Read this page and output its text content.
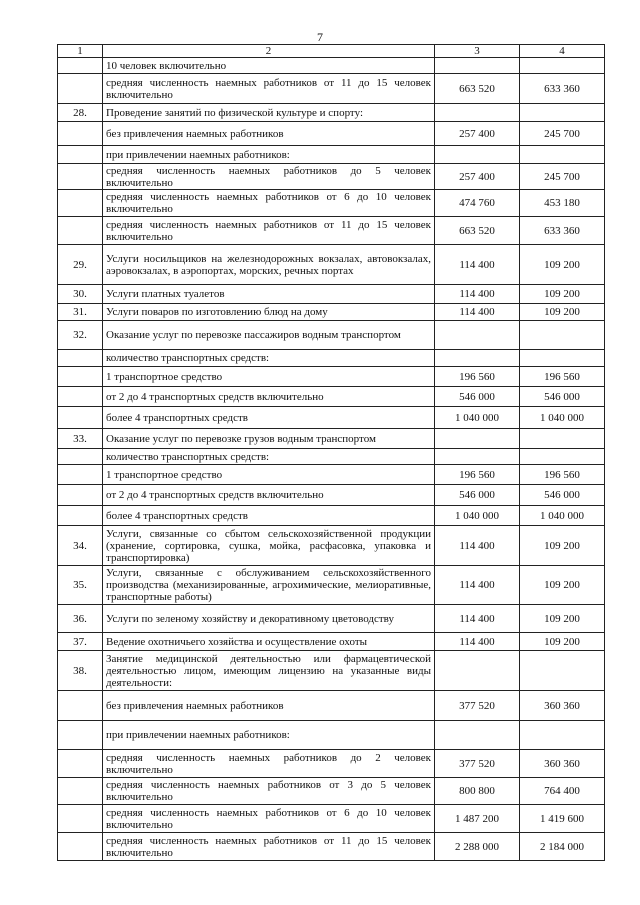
7
1	2	3	4
	10 человек включительно		
	средняя численность наемных работников от 11 до 15 человек включительно	663 520	633 360
28.	Проведение занятий по физической культуре и спорту:		
	без привлечения наемных работников	257 400	245 700
	при привлечении наемных работников:		
	средняя численность наемных работников до 5 человек включительно	257 400	245 700
	средняя численность наемных работников от 6 до 10 человек включительно	474 760	453 180
	средняя численность наемных работников от 11 до 15 человек включительно	663 520	633 360
29.	Услуги носильщиков на железнодорожных вокзалах, автовокзалах, аэровокзалах, в аэропортах, морских, речных портах	114 400	109 200
30.	Услуги платных туалетов	114 400	109 200
31.	Услуги поваров по изготовлению блюд на дому	114 400	109 200
32.	Оказание услуг по перевозке пассажиров водным транспортом		
	количество транспортных средств:		
	1 транспортное средство	196 560	196 560
	от 2 до 4 транспортных средств включительно	546 000	546 000
	более 4 транспортных средств	1 040 000	1 040 000
33.	Оказание услуг по перевозке грузов водным транспортом		
	количество транспортных средств:		
	1 транспортное средство	196 560	196 560
	от 2 до 4 транспортных средств включительно	546 000	546 000
	более 4 транспортных средств	1 040 000	1 040 000
34.	Услуги, связанные со сбытом сельскохозяйственной продукции (хранение, сортировка, сушка, мойка, расфасовка, упаковка и транспортировка)	114 400	109 200
35.	Услуги, связанные с обслуживанием сельскохозяйственного производства (механизированные, агрохимические, мелиоративные, транспортные работы)	114 400	109 200
36.	Услуги по зеленому хозяйству и декоративному цветоводству	114 400	109 200
37.	Ведение охотничьего хозяйства и осуществление охоты	114 400	109 200
38.	Занятие медицинской деятельностью или фармацевтической деятельностью лицом, имеющим лицензию на указанные виды деятельности:		
	без привлечения наемных работников	377 520	360 360
	при привлечении наемных работников:		
	средняя численность наемных работников до 2 человек включительно	377 520	360 360
	средняя численность наемных работников от 3 до 5 человек включительно	800 800	764 400
	средняя численность наемных работников от 6 до 10 человек включительно	1 487 200	1 419 600
	средняя численность наемных работников от 11 до 15 человек включительно	2 288 000	2 184 000
